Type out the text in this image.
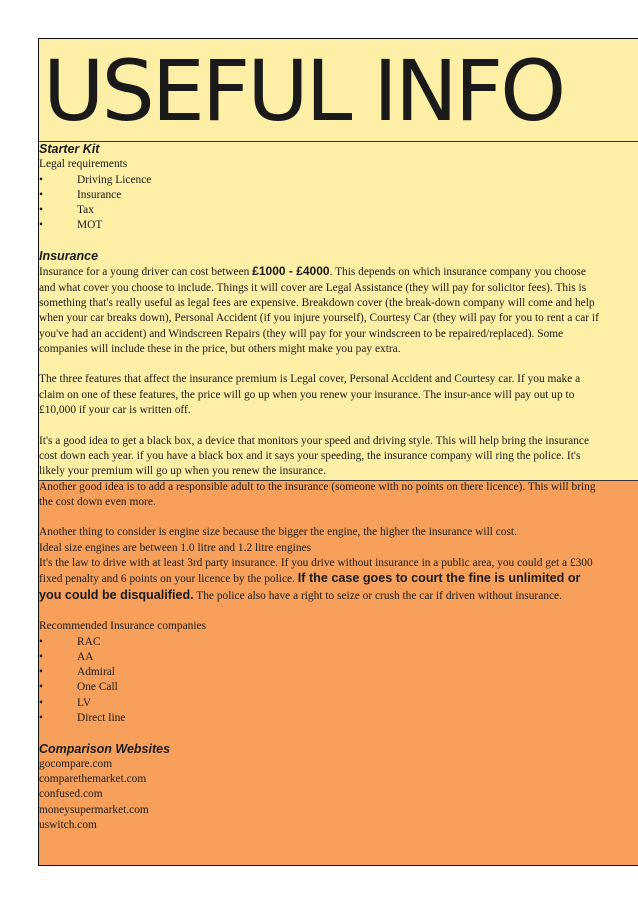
USEFUL INFO

Starter Kit

Legal requirements

• Driving Licence
• Insurance
• Tax
• MOT

Insurance

Insurance for a young driver can cost between £1000 - £4000. This depends on which insurance company you choose and what cover you choose to include. Things it will cover are Legal Assistance (they will pay for solicitor fees). This is something that's really useful as legal fees are expensive. Breakdown cover (the break-down company will come and help when your car breaks down), Personal Accident (if you injure yourself), Courtesy Car (they will pay for you to rent a car if you've had an accident) and Windscreen Repairs (they will pay for your windscreen to be repaired/replaced). Some companies will include these in the price, but others might make you pay extra.

The three features that affect the insurance premium is Legal cover, Personal Accident and Courtesy car. If you make a claim on one of these features, the price will go up when you renew your insurance. The insur-ance will pay out up to £10,000 if your car is written off.

It's a good idea to get a black box, a device that monitors your speed and driving style. This will help bring the insurance cost down each year. if you have a black box and it says your speeding, the insurance company will ring the police. It's likely your premium will go up when you renew the insurance.

Another good idea is to add a responsible adult to the insurance (someone with no points on there licence). This will bring the cost down even more.

Another thing to consider is engine size because the bigger the engine, the higher the insurance will cost.

Ideal size engines are between 1.0 litre and 1.2 litre engines

It's the law to drive with at least 3rd party insurance. If you drive without insurance in a public area, you could get a £300 fixed penalty and 6 points on your licence by the police. If the case goes to court the fine is unlimited or you could be disqualified. The police also have a right to seize or crush the car if driven without insurance.

Recommended Insurance companies

• RAC
• AA
• Admiral
• One Call
• LV
• Direct line

Comparison Websites

gocompare.com

comparethemarket.com

confused.com

moneysupermarket.com

uswitch.com
